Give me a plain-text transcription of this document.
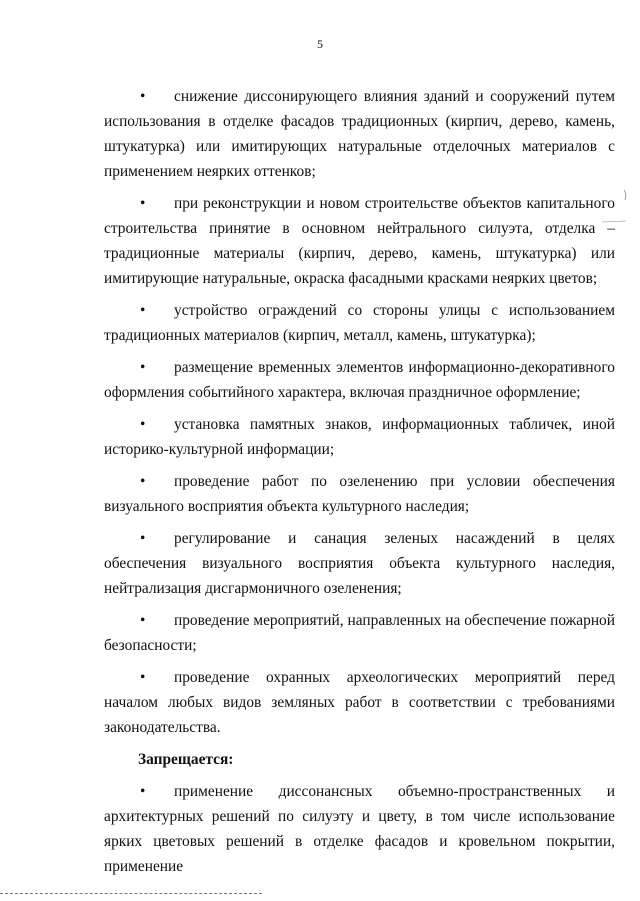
5
• снижение диссонирующего влияния зданий и сооружений путем использования в отделке фасадов традиционных (кирпич, дерево, камень, штукатурка) или имитирующих натуральные отделочных материалов с применением неярких оттенков;
• при реконструкции и новом строительстве объектов капитального строительства принятие в основном нейтрального силуэта, отделка – традиционные материалы (кирпич, дерево, камень, штукатурка) или имитирующие натуральные, окраска фасадными красками неярких цветов;
• устройство ограждений со стороны улицы с использованием традиционных материалов (кирпич, металл, камень, штукатурка);
• размещение временных элементов информационно-декоративного оформления событийного характера, включая праздничное оформление;
• установка памятных знаков, информационных табличек, иной историко-культурной информации;
• проведение работ по озеленению при условии обеспечения визуального восприятия объекта культурного наследия;
• регулирование и санация зеленых насаждений в целях обеспечения визуального восприятия объекта культурного наследия, нейтрализация дисгармоничного озеленения;
• проведение мероприятий, направленных на обеспечение пожарной безопасности;
• проведение охранных археологических мероприятий перед началом любых видов земляных работ в соответствии с требованиями законодательства.
Запрещается:
• применение диссонансных объемно-пространственных и архитектурных решений по силуэту и цвету, в том числе использование ярких цветовых решений в отделке фасадов и кровельном покрытии, применение
